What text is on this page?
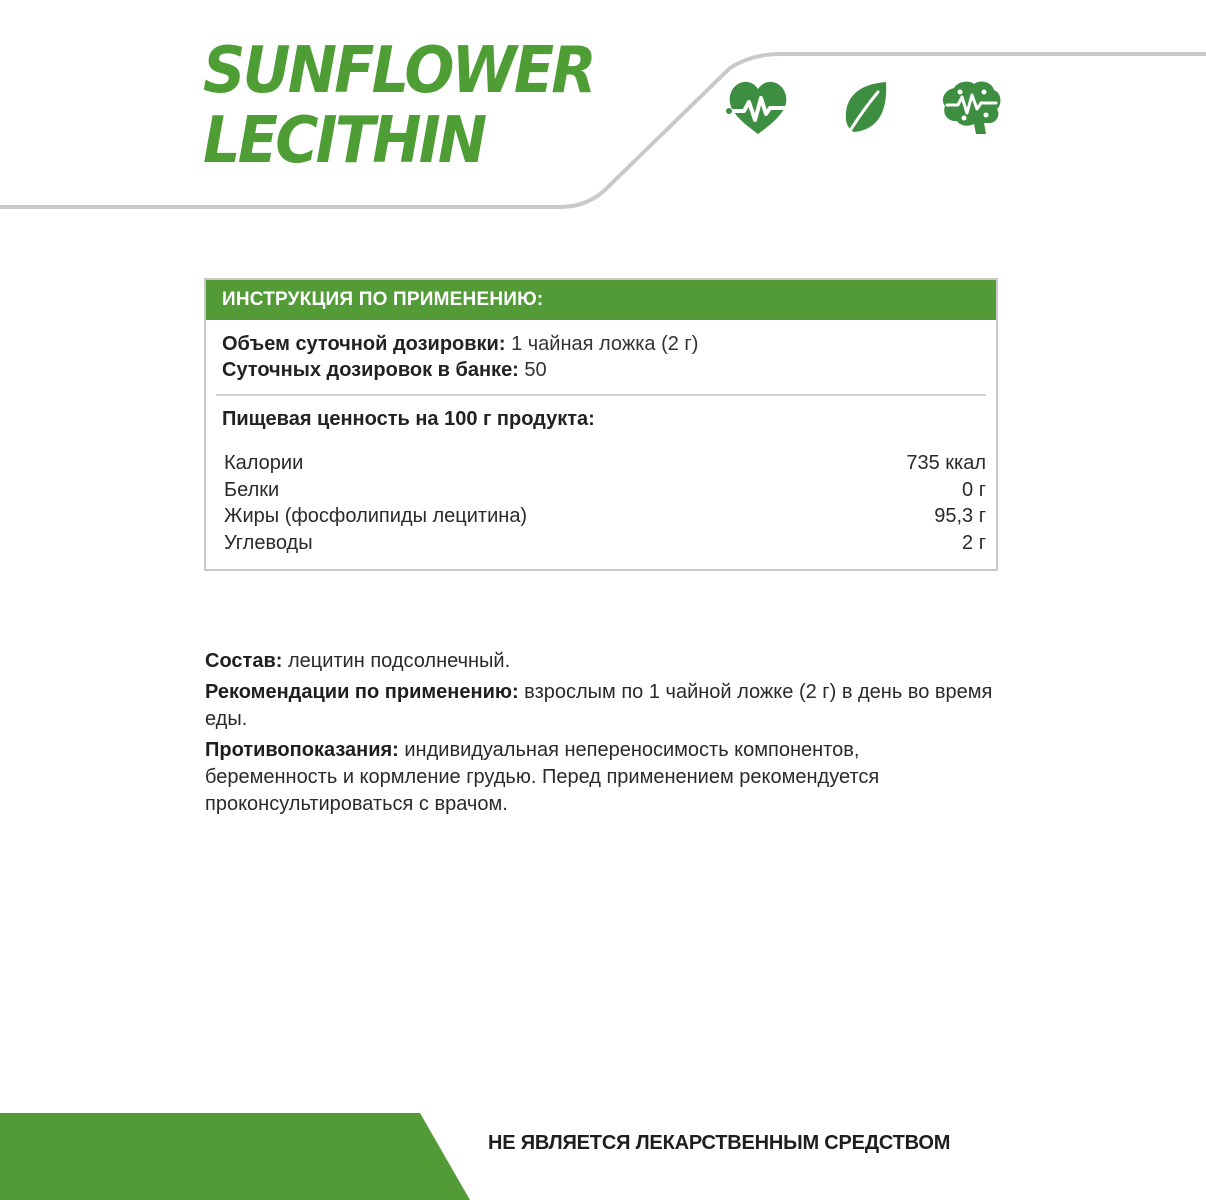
SUNFLOWER
LECITHIN
ИНСТРУКЦИЯ ПО ПРИМЕНЕНИЮ:
Объем суточной дозировки: 1 чайная ложка (2 г)
Суточных дозировок в банке: 50
Пищевая ценность на 100 г продукта:
Калории	735 ккал
Белки	0 г
Жиры (фосфолипиды лецитина)	95,3 г
Углеводы	2 г

Состав: лецитин подсолнечный.

Рекомендации по применению: взрослым по 1 чайной ложке (2 г) в день во время еды.

Противопоказания: индивидуальная непереносимость компонентов, беременность и кормление грудью. Перед применением рекомендуется проконсультироваться с врачом.

НЕ ЯВЛЯЕТСЯ ЛЕКАРСТВЕННЫМ СРЕДСТВОМ
